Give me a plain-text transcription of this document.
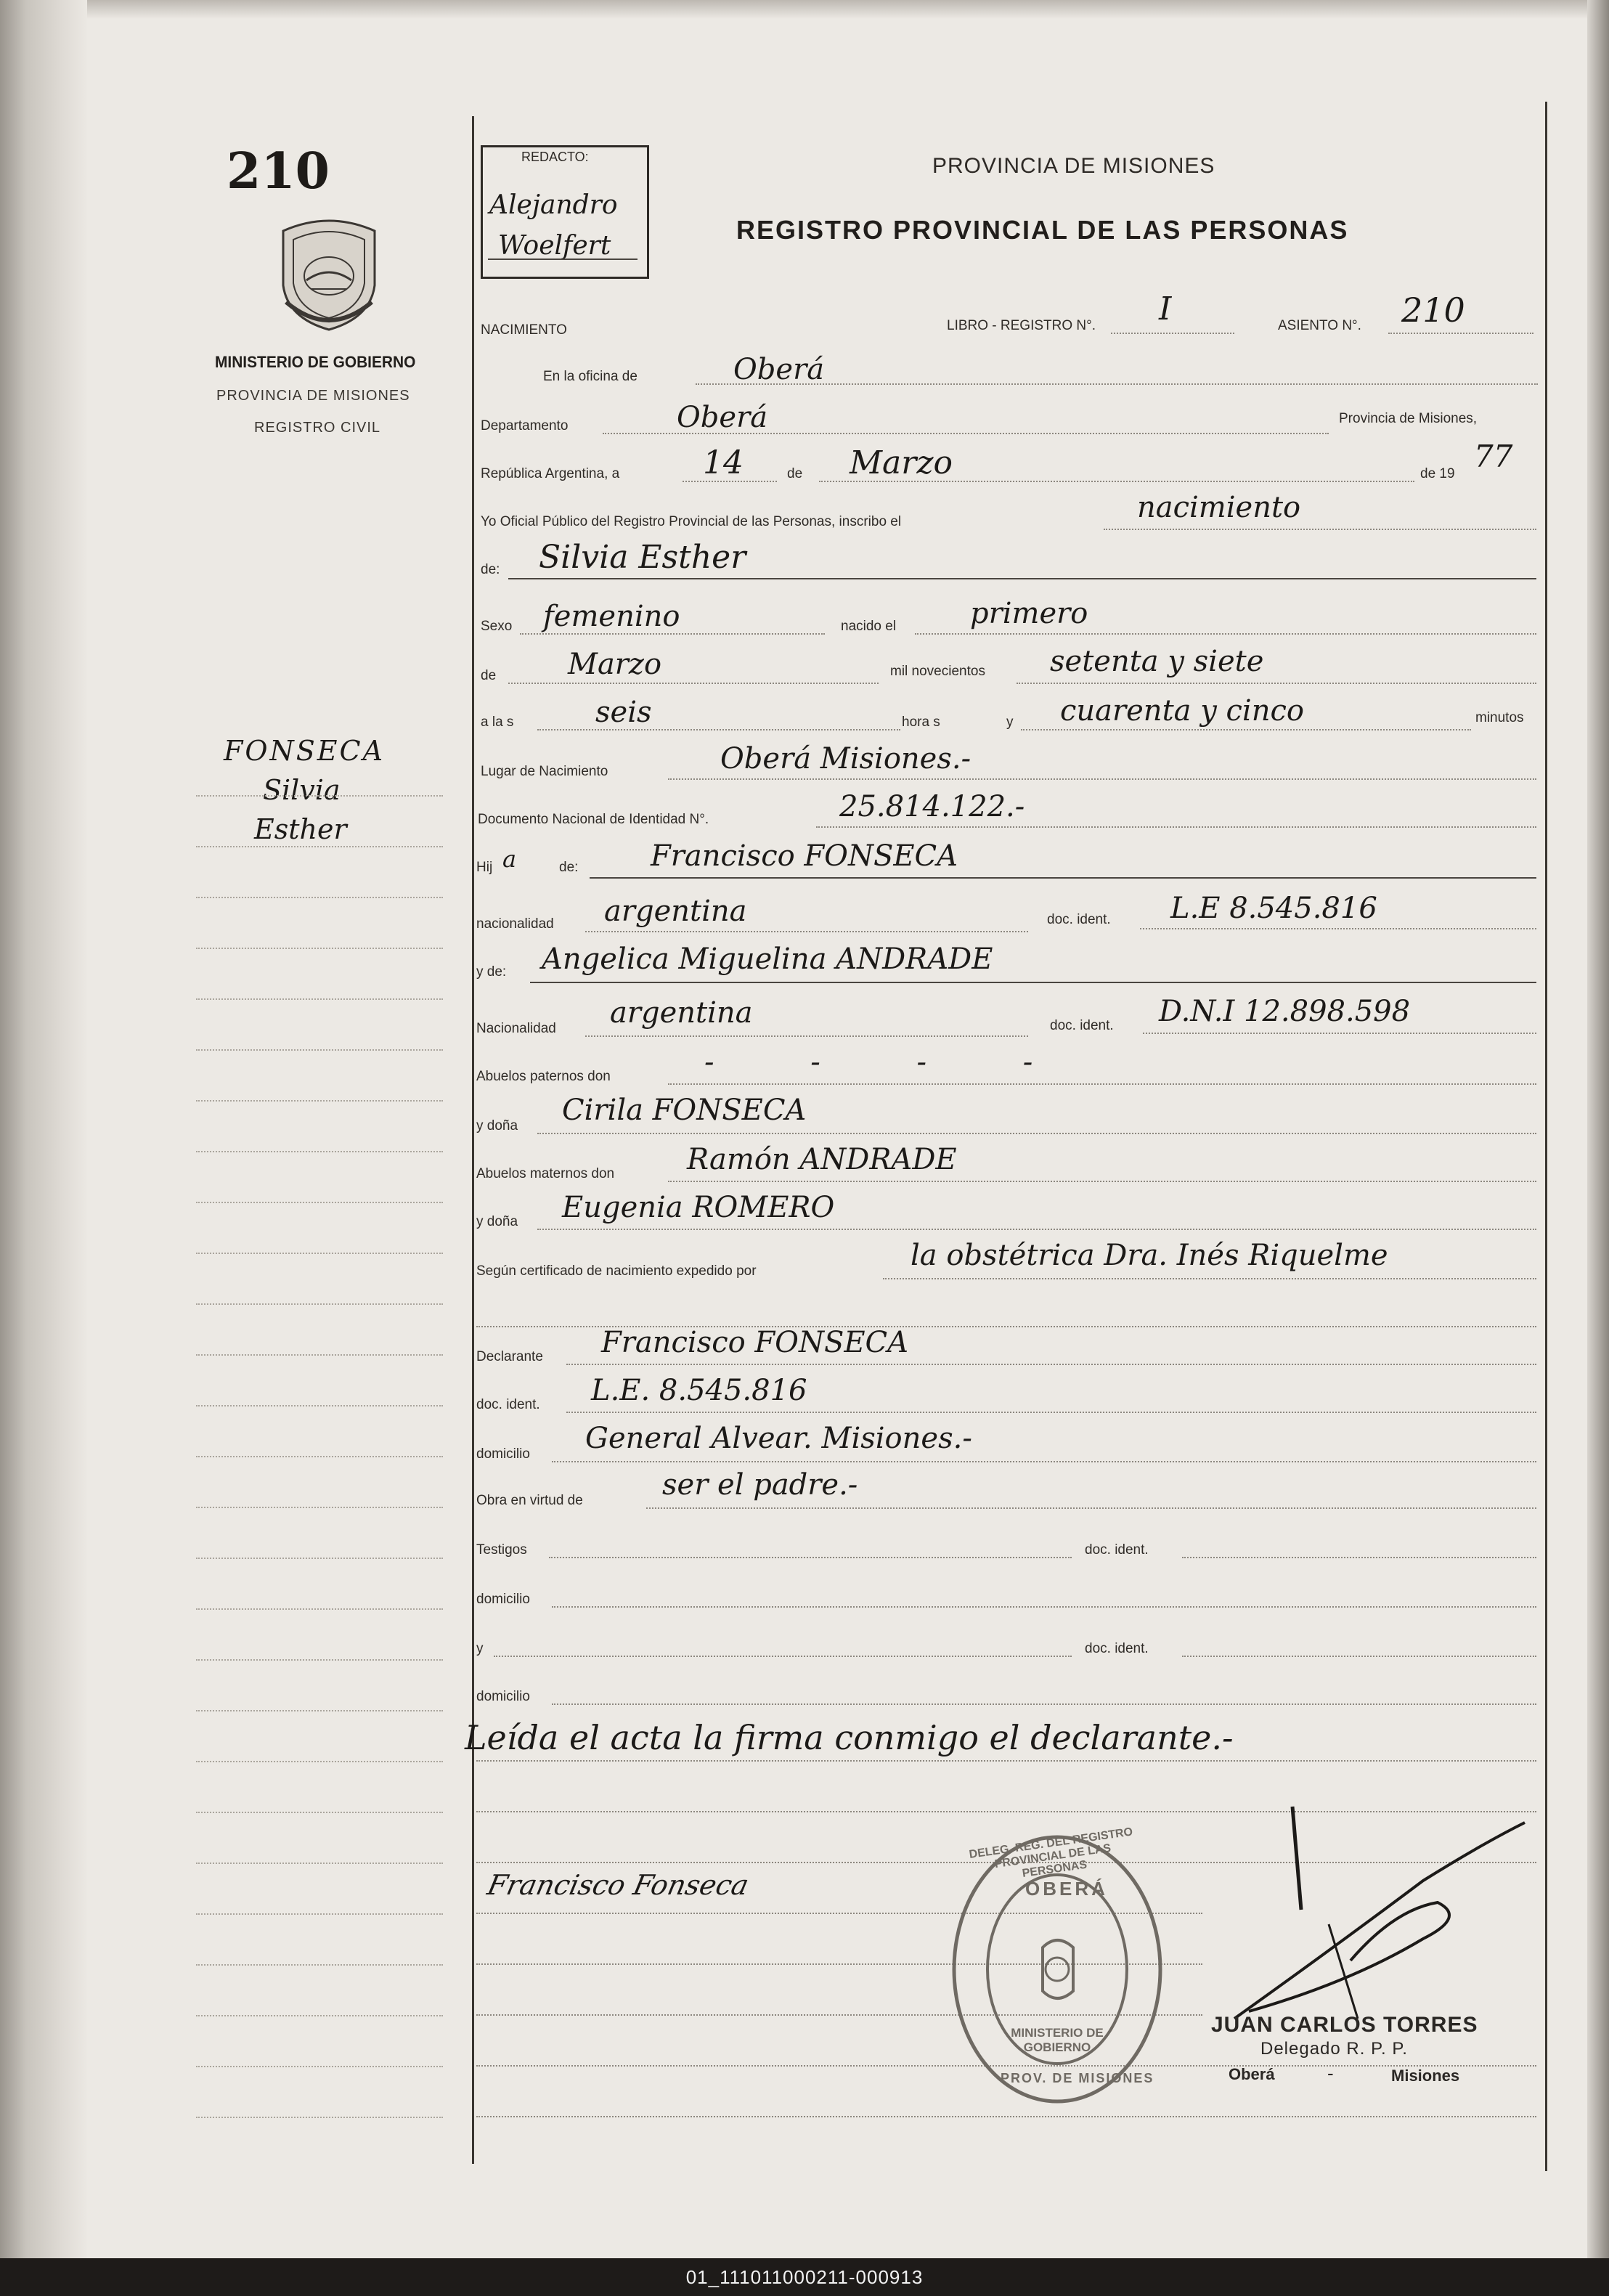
210
MINISTERIO DE GOBIERNO
PROVINCIA DE MISIONES
REGISTRO CIVIL
FONSECA
Silvia
Esther
REDACTO:
Alejandro
Woelfert
PROVINCIA DE MISIONES
REGISTRO PROVINCIAL DE LAS PERSONAS
NACIMIENTO	LIBRO - REGISTRO N°. I	ASIENTO N°. 210
En la oficina de	Oberá
Departamento	Oberá	Provincia de Misiones,
República Argentina, a	14	de Marzo	de 19 77
Yo Oficial Público del Registro Provincial de las Personas, inscribo el	nacimiento
de: Silvia Esther
Sexo femenino	nacido el	primero
de Marzo	mil novecientos setenta y siete
a la s	seis	hora s	y cuarenta y cinco	minutos
Lugar de Nacimiento	Oberá Misiones.-
Documento Nacional de Identidad N°.	25.814.122.-
Hij a	de: Francisco FONSECA
nacionalidad argentina	doc. ident. L.E 8.545.816
y de: Angelica Miguelina ANDRADE
Nacionalidad argentina	doc. ident. D.N.I 12.898.598
Abuelos paternos don	- - - -
y doña Cirila FONSECA
Abuelos maternos don Ramón ANDRADE
y doña Eugenia ROMERO
Según certificado de nacimiento expedido por	la obstétrica Dra. Inés Riquelme
Declarante Francisco FONSECA
doc. ident. L.E. 8.545.816
domicilio General Alvear. Misiones.-
Obra en virtud de	ser el padre.-
Testigos	doc. ident.
domicilio
y	doc. ident.
domicilio
Leída el acta la firma conmigo el declarante.-
Francisco Fonseca
DELEG. REG. DEL REGISTRO PROVINCIAL DE LAS PERSONAS
OBERÁ
MINISTERIO DE GOBIERNO
PROV. DE MISIONES
JUAN CARLOS TORRES
Delegado R. P. P.
Oberá	-	Misiones
01_111011000211-000913
